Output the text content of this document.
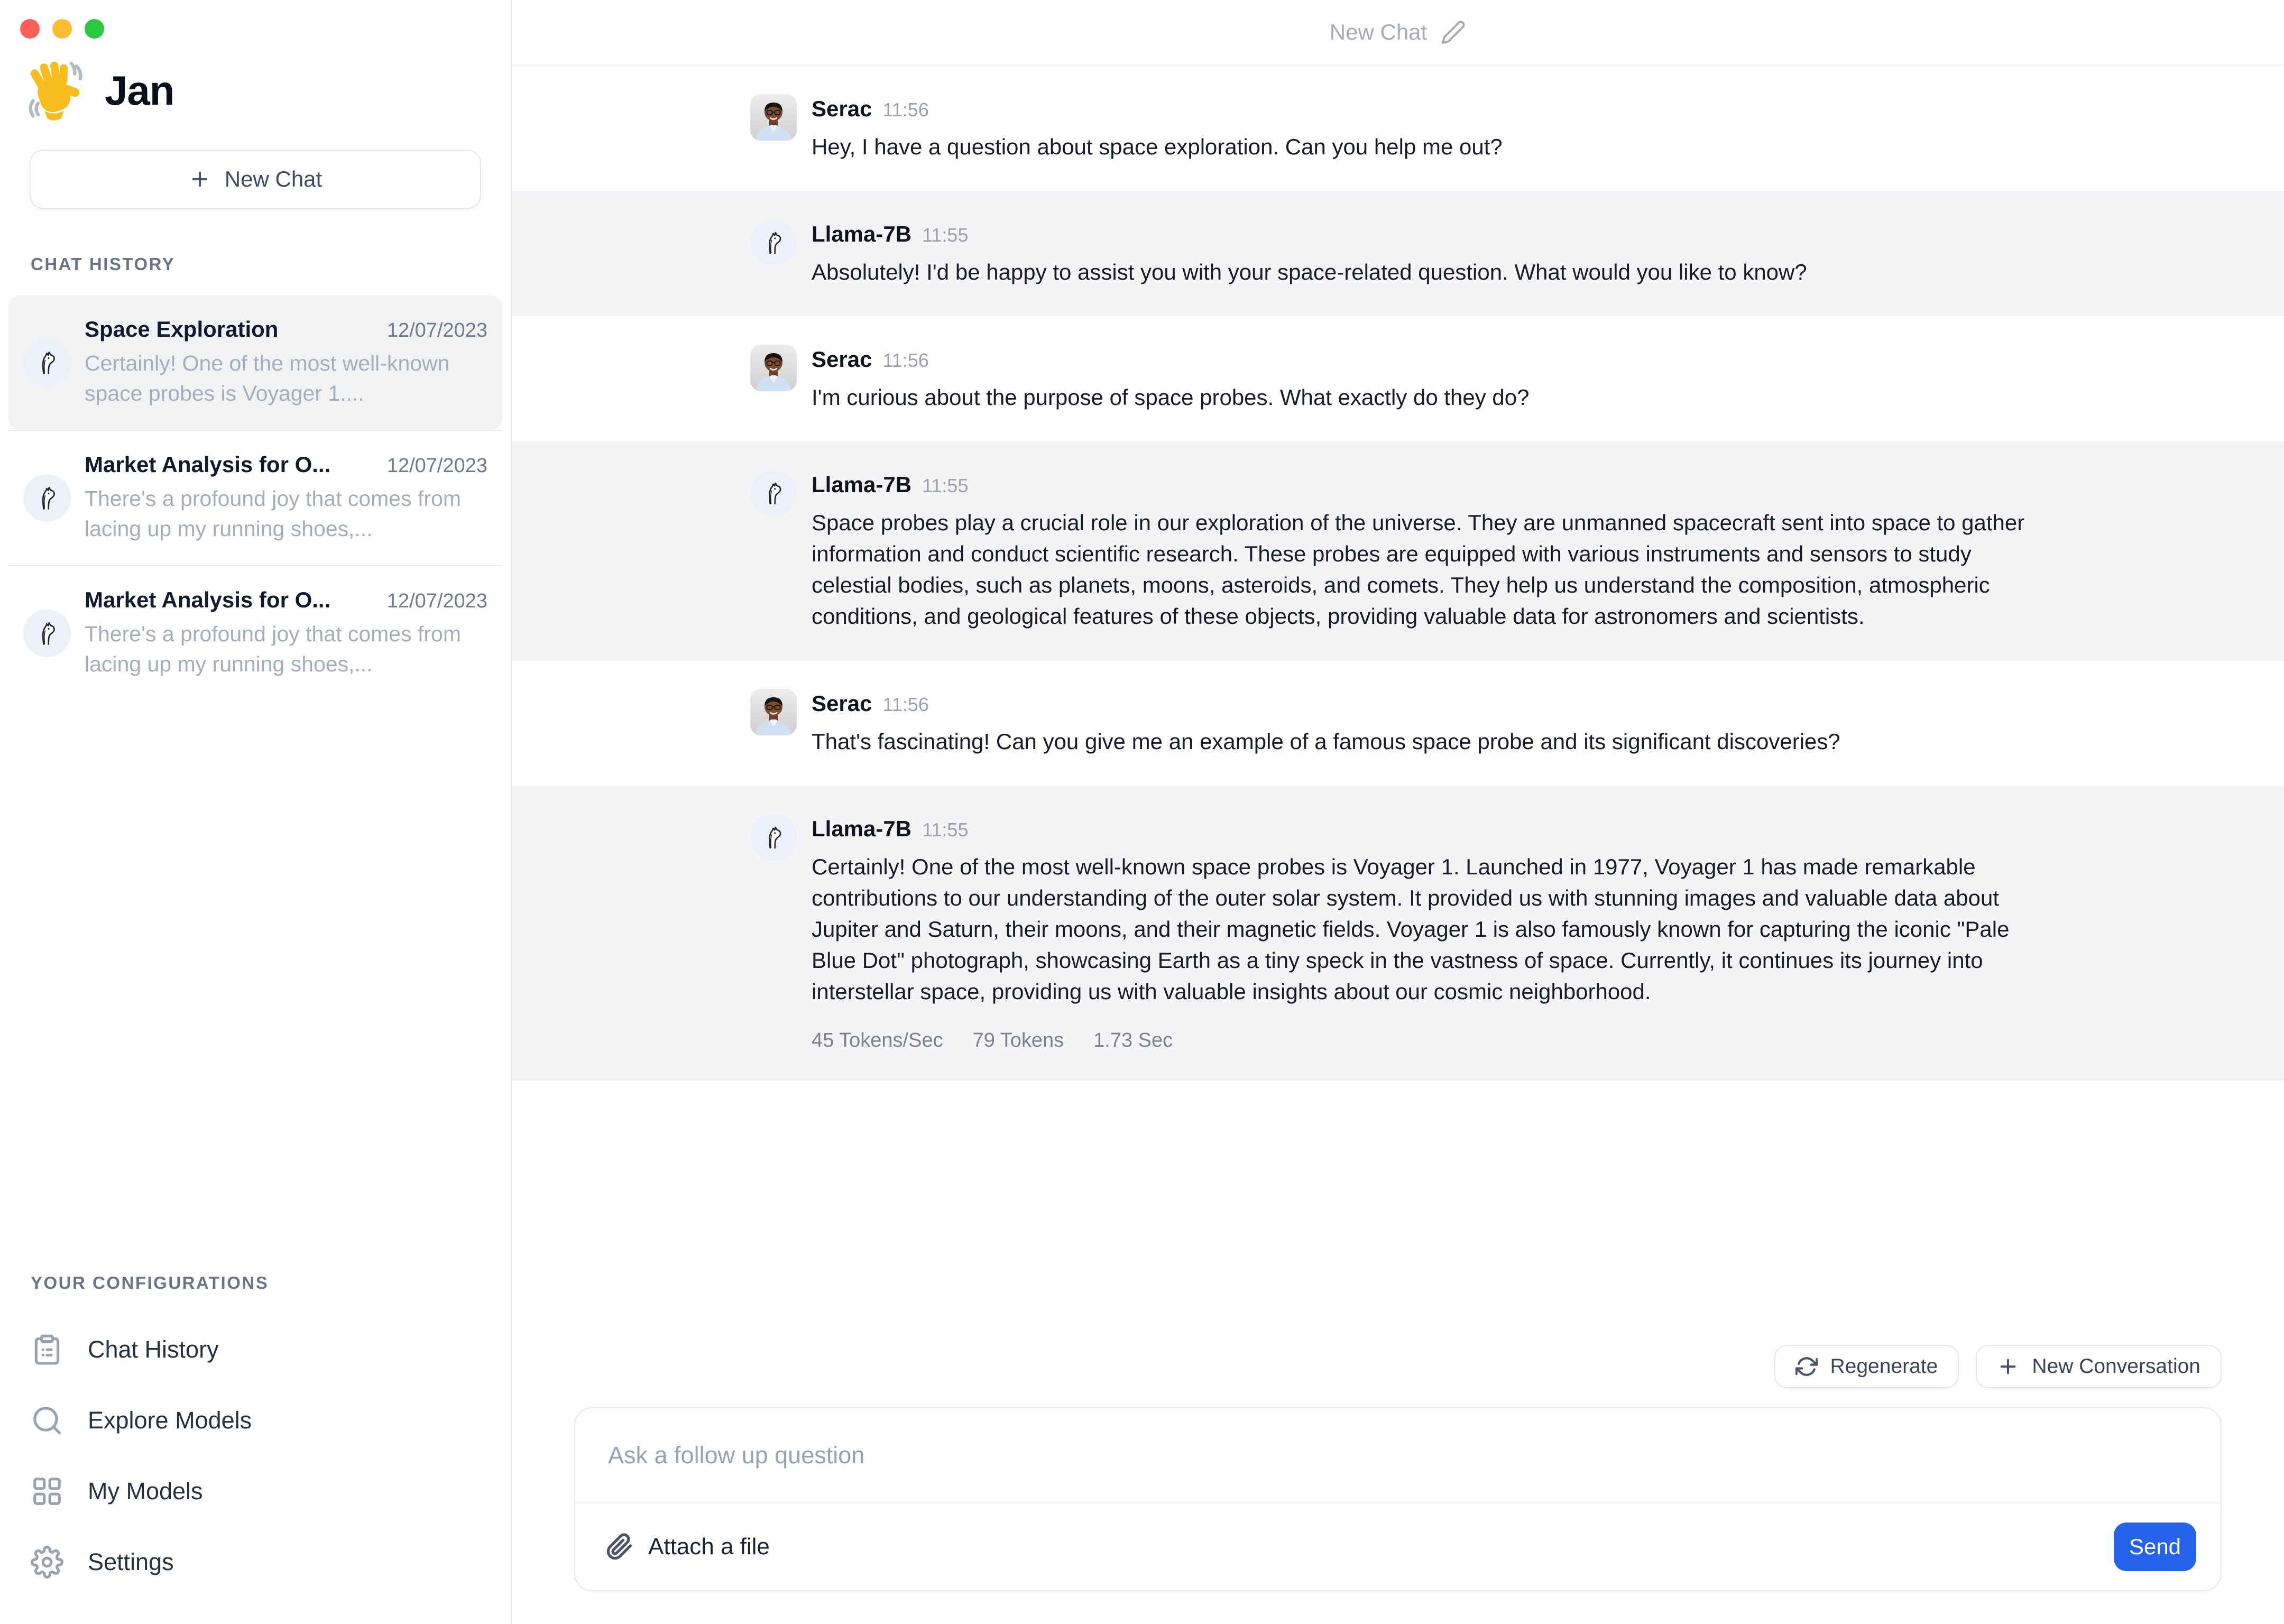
Jan
New Chat
CHAT HISTORY
Space Exploration	12/07/2023
Certainly! One of the most well-known space probes is Voyager 1....
Market Analysis for O...	12/07/2023
There's a profound joy that comes from lacing up my running shoes,...
Market Analysis for O...	12/07/2023
There's a profound joy that comes from lacing up my running shoes,...
YOUR CONFIGURATIONS
Chat History
Explore Models
My Models
Settings
New Chat
Serac 11:56
Hey, I have a question about space exploration. Can you help me out?
Llama-7B 11:55
Absolutely! I'd be happy to assist you with your space-related question. What would you like to know?
Serac 11:56
I'm curious about the purpose of space probes. What exactly do they do?
Llama-7B 11:55
Space probes play a crucial role in our exploration of the universe. They are unmanned spacecraft sent into space to gather information and conduct scientific research. These probes are equipped with various instruments and sensors to study celestial bodies, such as planets, moons, asteroids, and comets. They help us understand the composition, atmospheric conditions, and geological features of these objects, providing valuable data for astronomers and scientists.
Serac 11:56
That's fascinating! Can you give me an example of a famous space probe and its significant discoveries?
Llama-7B 11:55
Certainly! One of the most well-known space probes is Voyager 1. Launched in 1977, Voyager 1 has made remarkable contributions to our understanding of the outer solar system. It provided us with stunning images and valuable data about Jupiter and Saturn, their moons, and their magnetic fields. Voyager 1 is also famously known for capturing the iconic "Pale Blue Dot" photograph, showcasing Earth as a tiny speck in the vastness of space. Currently, it continues its journey into interstellar space, providing us with valuable insights about our cosmic neighborhood.
45 Tokens/Sec 79 Tokens 1.73 Sec
Regenerate	New Conversation
Ask a follow up question
Attach a file	Send
